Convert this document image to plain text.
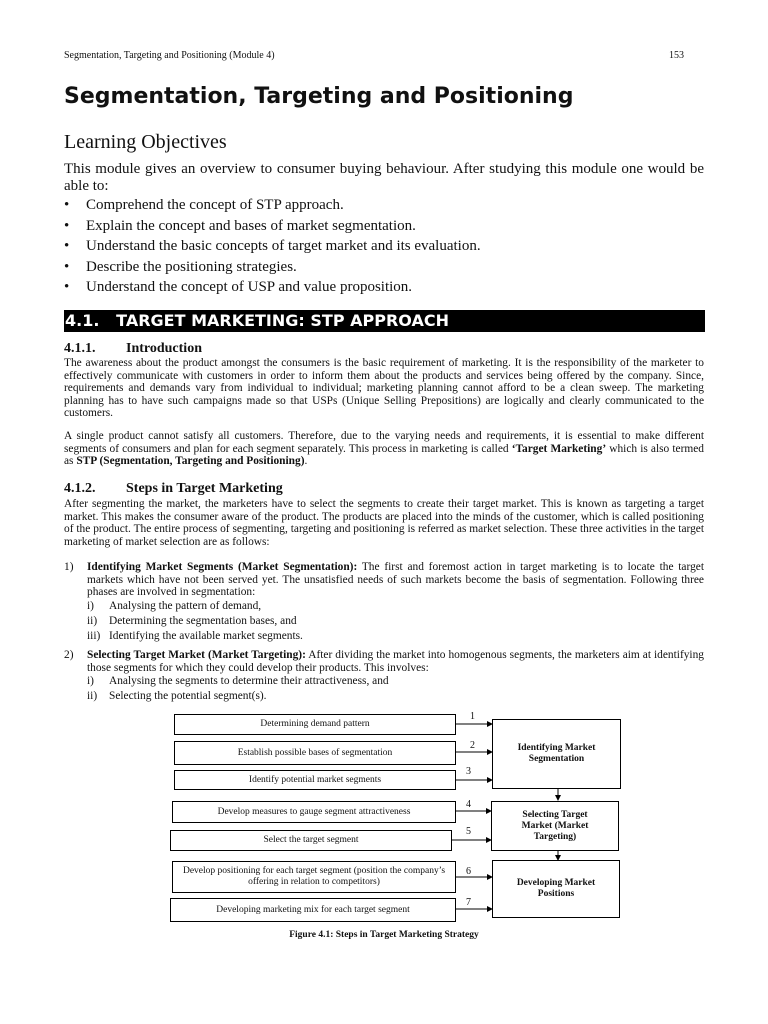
Segmentation, Targeting and Positioning (Module 4)	153
Segmentation, Targeting and Positioning
Learning Objectives

This module gives an overview to consumer buying behaviour. After studying this module one would be able to:

• Comprehend the concept of STP approach.
• Explain the concept and bases of market segmentation.
• Understand the basic concepts of target market and its evaluation.
• Describe the positioning strategies.
• Understand the concept of USP and value proposition.
4.1. TARGET MARKETING: STP APPROACH
4.1.1.	Introduction

The awareness about the product amongst the consumers is the basic requirement of marketing. It is the responsibility of the marketer to effectively communicate with customers in order to inform them about the products and services being offered by the company. Since, requirements and demands vary from individual to individual; marketing planning cannot afford to be a clean sweep. The marketing planning has to have such campaigns made so that USPs (Unique Selling Prepositions) are logically and clearly communicated to the customers.

A single product cannot satisfy all customers. Therefore, due to the varying needs and requirements, it is essential to make different segments of consumers and plan for each segment separately. This process in marketing is called ‘Target Marketing’ which is also termed as STP (Segmentation, Targeting and Positioning).

4.1.2.	Steps in Target Marketing

After segmenting the market, the marketers have to select the segments to create their target market. This is known as targeting a target market. This makes the consumer aware of the product. The products are placed into the minds of the customer, which is called positioning of the product. The entire process of segmenting, targeting and positioning is referred as market selection. These three activities in the target marketing of market selection are as follows:

1) Identifying Market Segments (Market Segmentation): The first and foremost action in target marketing is to locate the target markets which have not been served yet. The unsatisfied needs of such markets become the basis of segmentation. Following three phases are involved in segmentation:
i) Analysing the pattern of demand,
ii) Determining the segmentation bases, and
iii) Identifying the available market segments.
2) Selecting Target Market (Market Targeting): After dividing the market into homogenous segments, the marketers aim at identifying those segments for which they could develop their products. This involves:
i) Analysing the segments to determine their attractiveness, and
ii) Selecting the potential segment(s).
Determining demand pattern
Establish possible bases of segmentation
Identify potential market segments
Develop measures to gauge segment attractiveness
Select the target segment
Develop positioning for each target segment (position the company’s offering in relation to competitors)
Developing marketing mix for each target segment
1
2
3
4
5
6
7
Identifying Market Segmentation
Selecting Target Market (Market Targeting)
Developing Market Positions
Figure 4.1: Steps in Target Marketing Strategy
